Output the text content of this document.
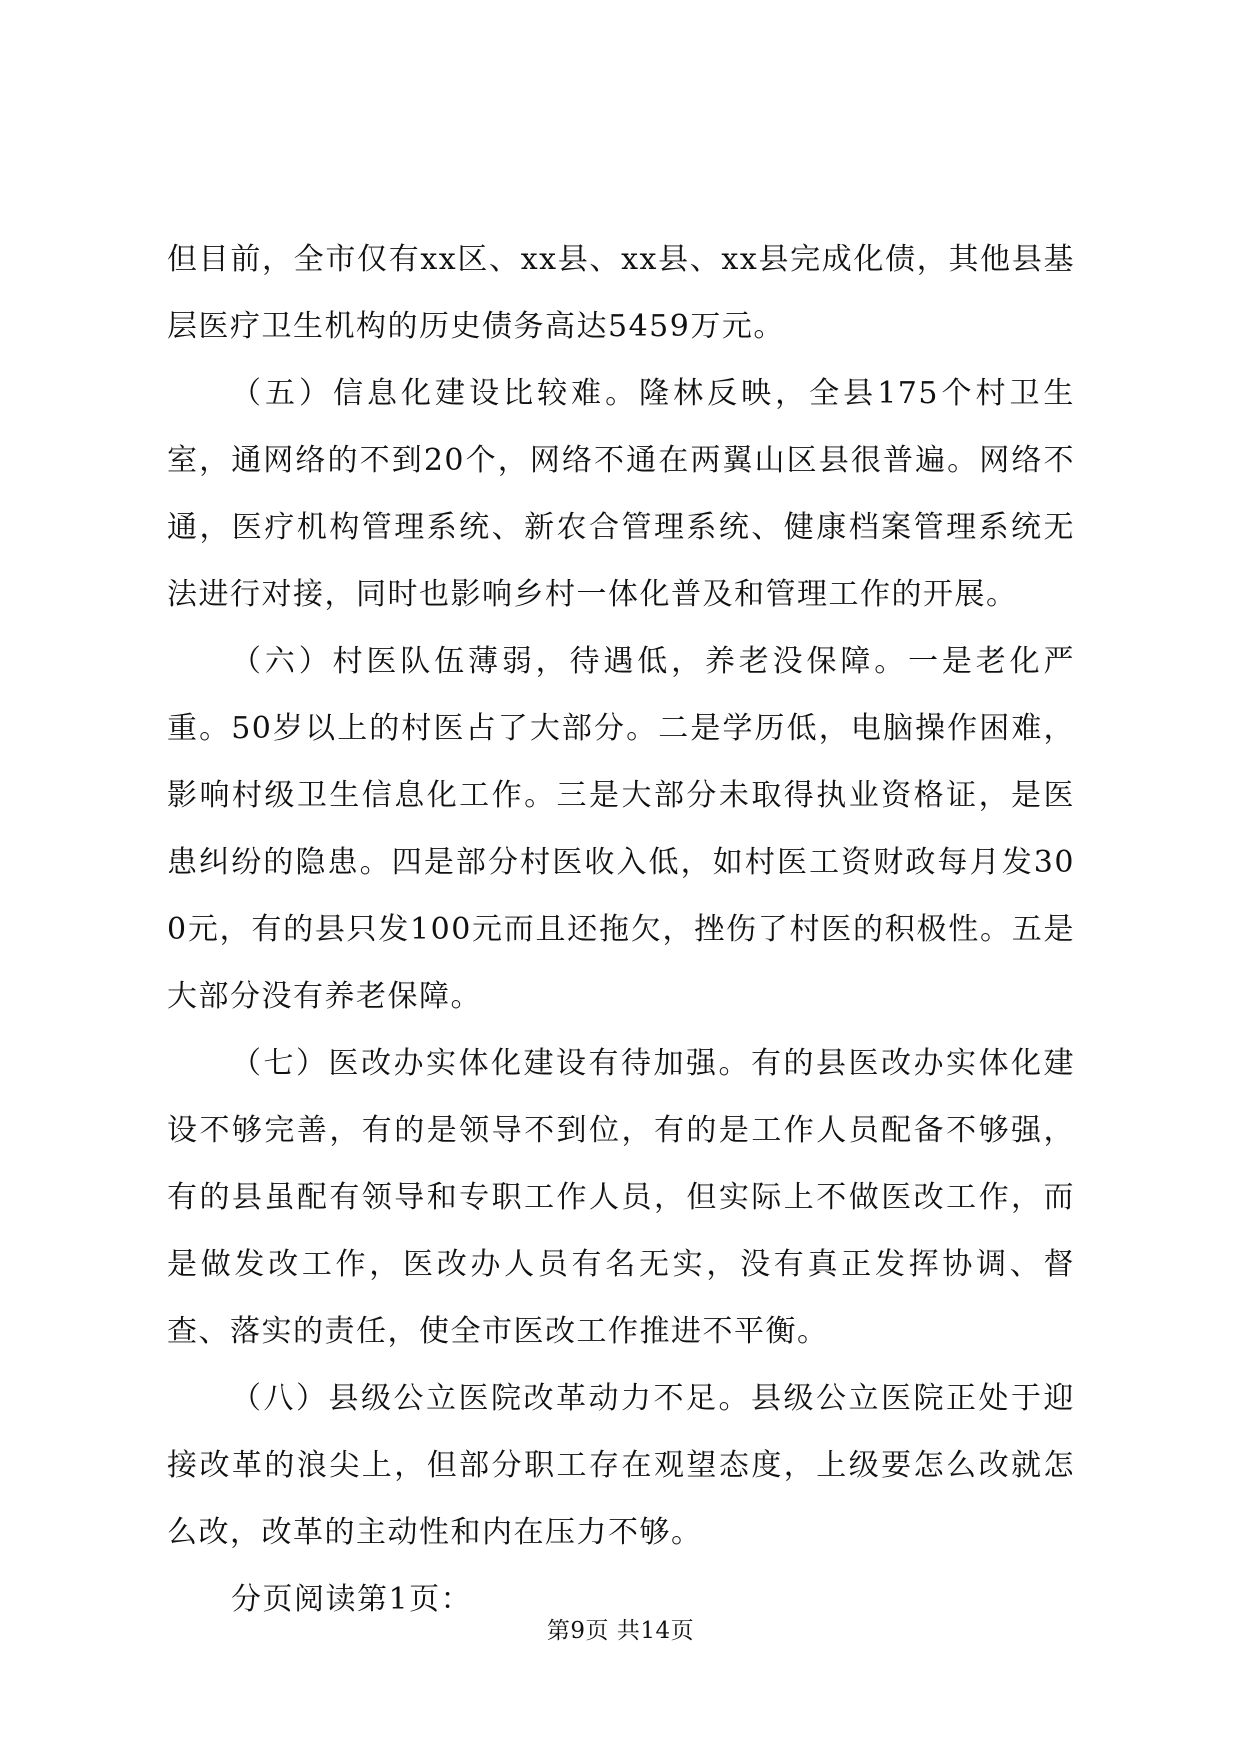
但目前，全市仅有xx区、xx县、xx县、xx县完成化债，其他县基层医疗卫生机构的历史债务高达5459万元。

（五）信息化建设比较难。隆林反映，全县175个村卫生室，通网络的不到20个，网络不通在两翼山区县很普遍。网络不通，医疗机构管理系统、新农合管理系统、健康档案管理系统无法进行对接，同时也影响乡村一体化普及和管理工作的开展。

（六）村医队伍薄弱，待遇低，养老没保障。一是老化严重。50岁以上的村医占了大部分。二是学历低，电脑操作困难，影响村级卫生信息化工作。三是大部分未取得执业资格证，是医患纠纷的隐患。四是部分村医收入低，如村医工资财政每月发300元，有的县只发100元而且还拖欠，挫伤了村医的积极性。五是大部分没有养老保障。

（七）医改办实体化建设有待加强。有的县医改办实体化建设不够完善，有的是领导不到位，有的是工作人员配备不够强，有的县虽配有领导和专职工作人员，但实际上不做医改工作，而是做发改工作，医改办人员有名无实，没有真正发挥协调、督查、落实的责任，使全市医改工作推进不平衡。

（八）县级公立医院改革动力不足。县级公立医院正处于迎接改革的浪尖上，但部分职工存在观望态度，上级要怎么改就怎么改，改革的主动性和内在压力不够。

分页阅读第1页：

第9页 共14页
